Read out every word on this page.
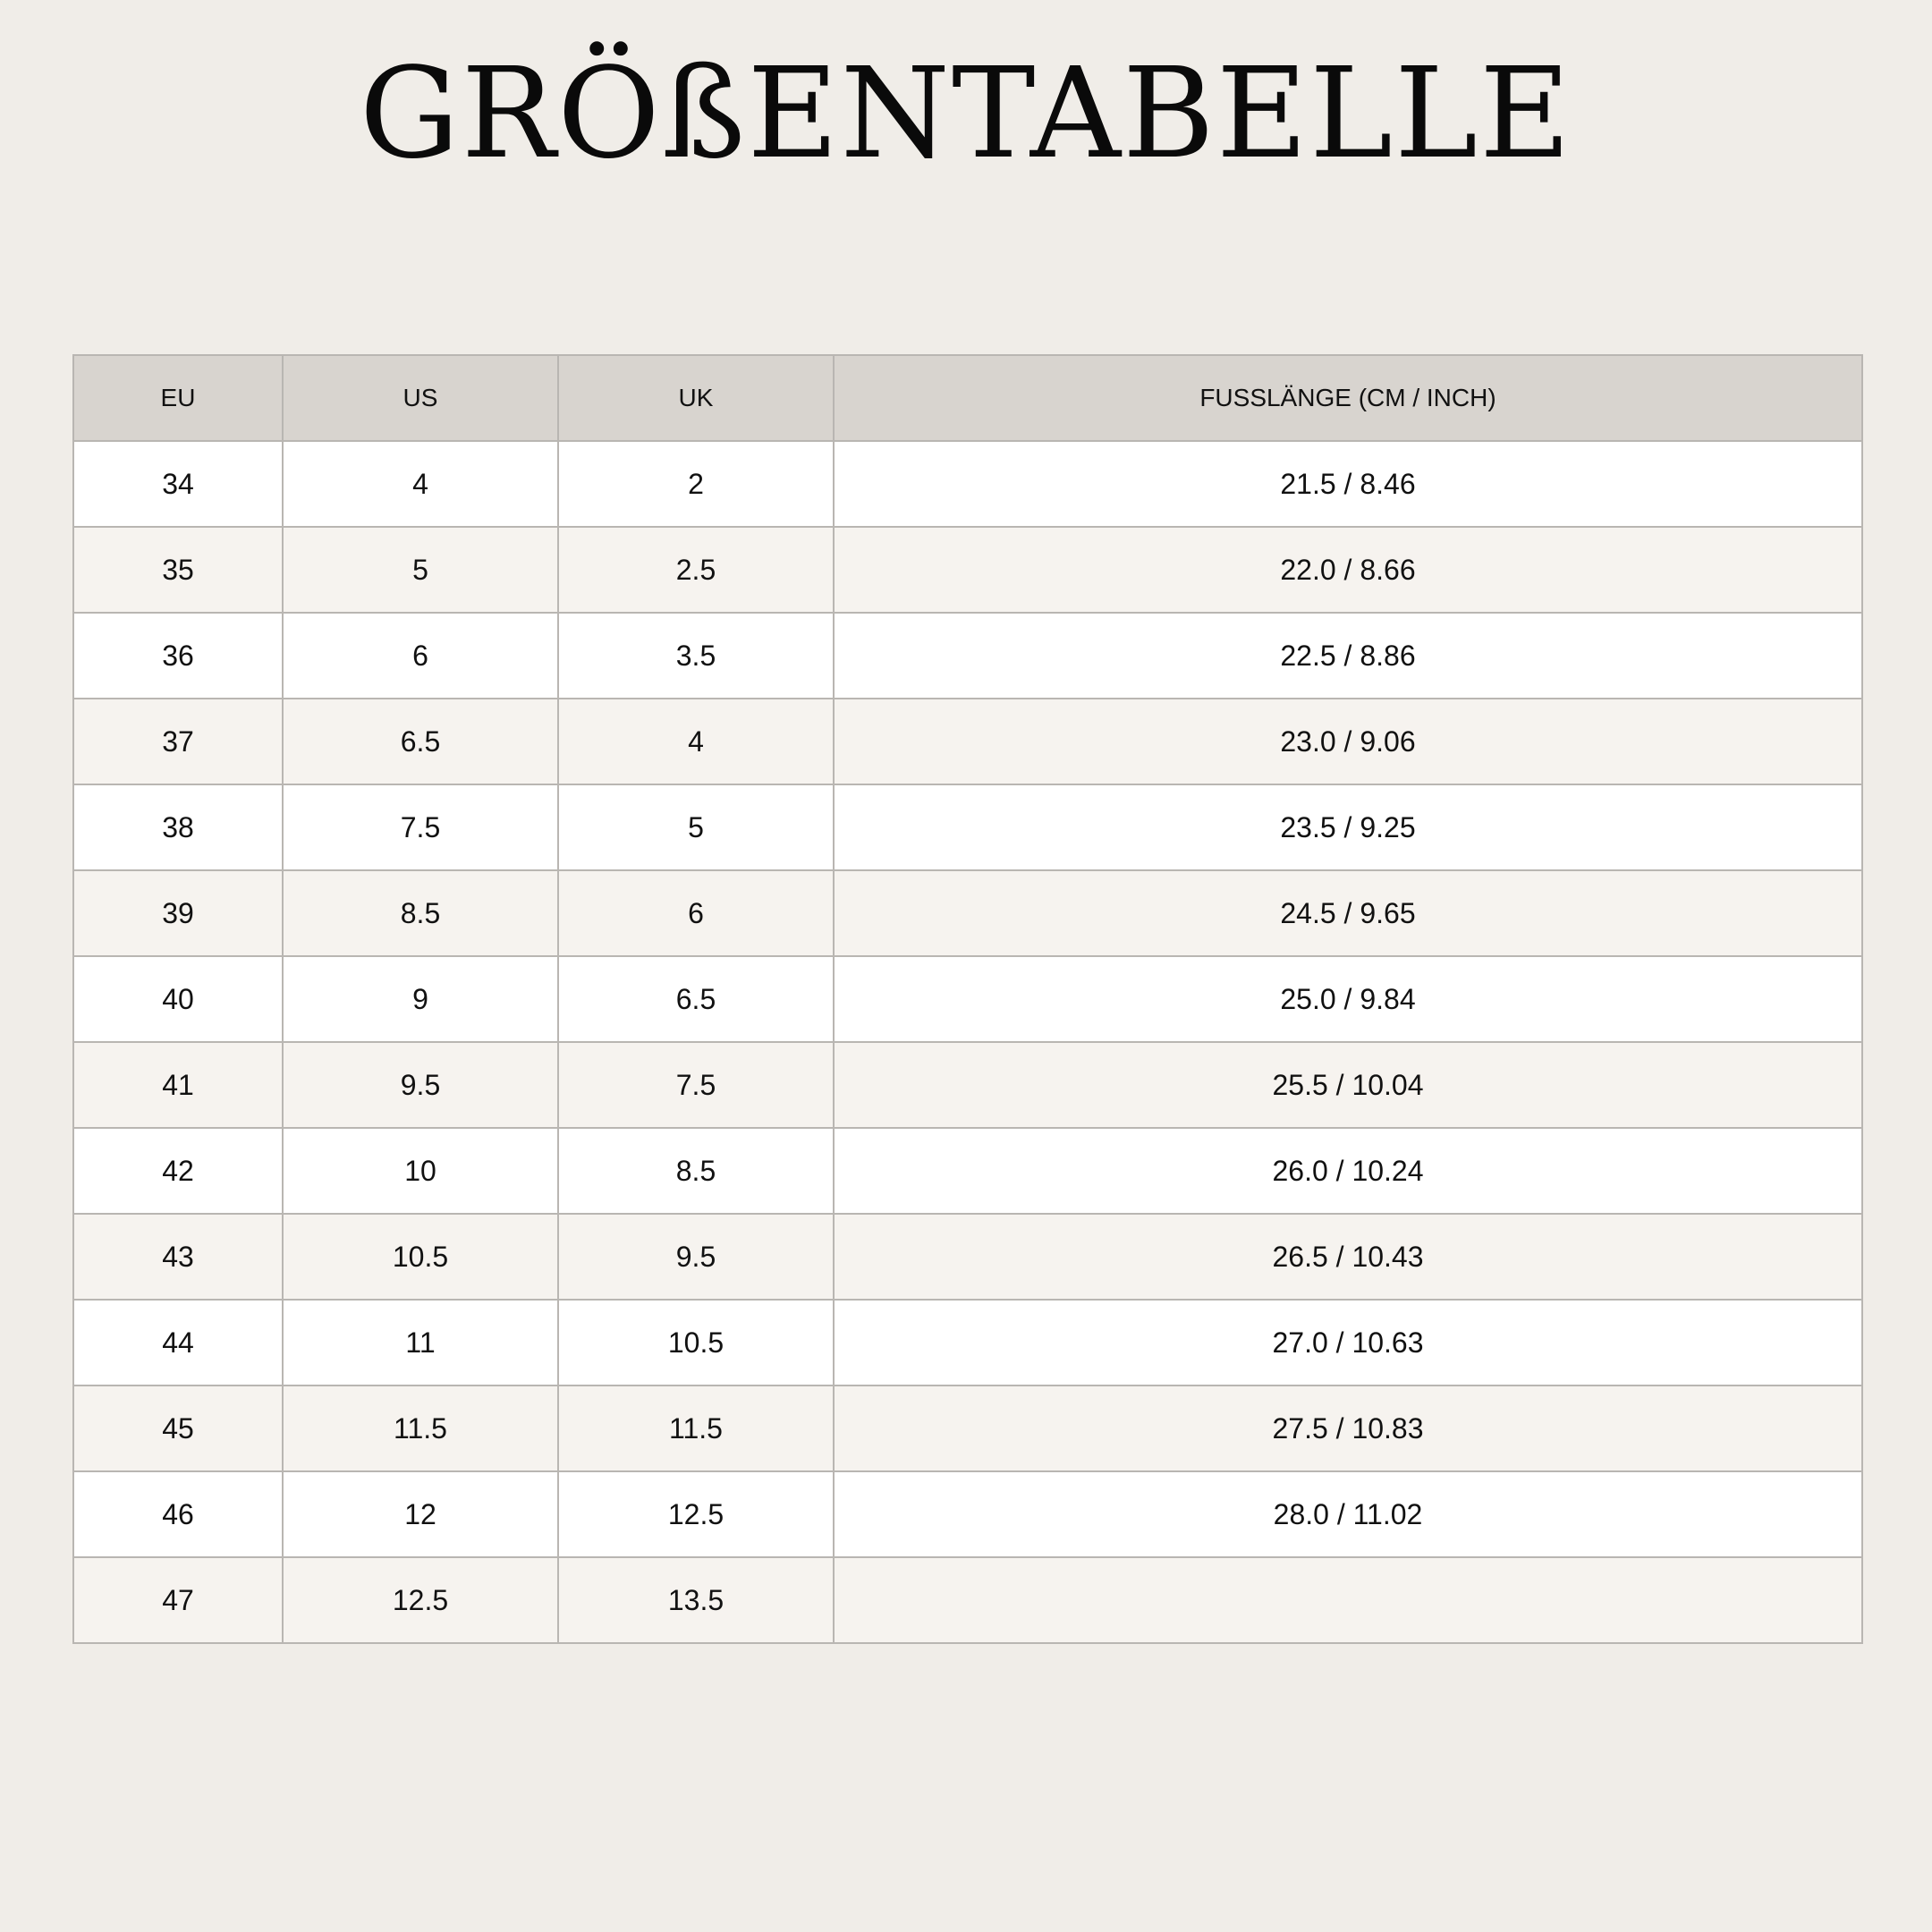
GRÖßENTABELLE
EU	US	UK	FUSSLÄNGE (CM / INCH)
34	4	2	21.5 / 8.46
35	5	2.5	22.0 / 8.66
36	6	3.5	22.5 / 8.86
37	6.5	4	23.0 / 9.06
38	7.5	5	23.5 / 9.25
39	8.5	6	24.5 / 9.65
40	9	6.5	25.0 / 9.84
41	9.5	7.5	25.5 / 10.04
42	10	8.5	26.0 / 10.24
43	10.5	9.5	26.5 / 10.43
44	11	10.5	27.0 / 10.63
45	11.5	11.5	27.5 / 10.83
46	12	12.5	28.0 / 11.02
47	12.5	13.5	
